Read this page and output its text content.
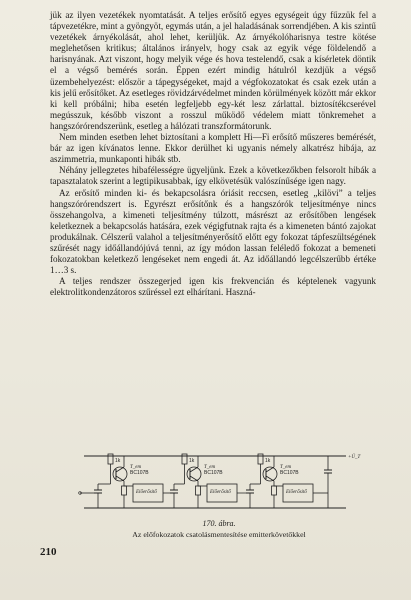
jük az ilyen vezetékek nyomtatását. A teljes erősítő egyes egységeit úgy fűzzük fel a tápvezetékre, mint a gyöngyöt, egymás után, a jel haladásának sorrendjében. A kis szintű vezetékek árnyékolását, ahol lehet, kerüljük. Az árnyékolóharisnya testre kötése meglehetősen kritikus; általános irányelv, hogy csak az egyik vége földelendő a harisnyának. Azt viszont, hogy melyik vége és hova testelendő, csak a kísérletek döntik el a végső bemérés során. Éppen ezért mindig hátulról kezdjük a végső üzembehelyezést: először a tápegységeket, majd a végfokozatokat és csak ezek után a kis jelű erősítőket. Az esetleges rövidzárvédelmet minden körülmények között már ekkor ki kell próbálni; hiba esetén legfeljebb egy-két lesz zárlattal. biztosítékcserével megússzuk, később viszont a rosszul működő védelem miatt tönkremehet a hangszórórendszerünk, esetleg a hálózati transzformátorunk.

Nem minden esetben lehet biztosítani a komplett Hi—Fi erősítő műszeres bemérését, bár az igen kívánatos lenne. Ekkor derülhet ki ugyanis némely alkatrész hibája, az aszimmetria, munkaponti hibák stb.

Néhány jellegzetes hibafélességre ügyeljünk. Ezek a következőkben felsorolt hibák a tapasztalatok szerint a legtipikusabbak, így elkövetésük valószínűsége igen nagy.

Az erősítő minden ki- és bekapcsolásra óriásit reccsen, esetleg „kilövi” a teljes hangszórórendszert is. Egyrészt erősítőnk és a hangszórók teljesítménye nincs összehangolva, a kimeneti teljesítmény túlzott, másrészt az erősítőben lengések keletkeznek a bekapcsolás hatására, ezek végigfutnak rajta és a kimeneten bántó zajokat produkálnak. Célszerű valahol a teljesítményerősítő előtt egy fokozat tápfeszültségének szűrését nagy időállandójúvá tenni, az így módon lassan feléledő fokozat a bemeneti fokozatokban keletkező lengéseket nem engedi át. Az időállandó legcélszerűbb értéke 1…3 s.

A teljes rendszer összegerjed igen kis frekvencián és képtelenek vagyunk elektrolitkondenzátoros szűréssel ezt elhárítani. Haszná-

+Ü_T
1k
T_em
BC107B
Előerősítő
1k
T_em
BC107B
Előerősítő
1k
T_em
BC107B
Előerősítő
170. ábra.
Az előfokozatok csatolásmentesítése emitterkövetőkkel
210
